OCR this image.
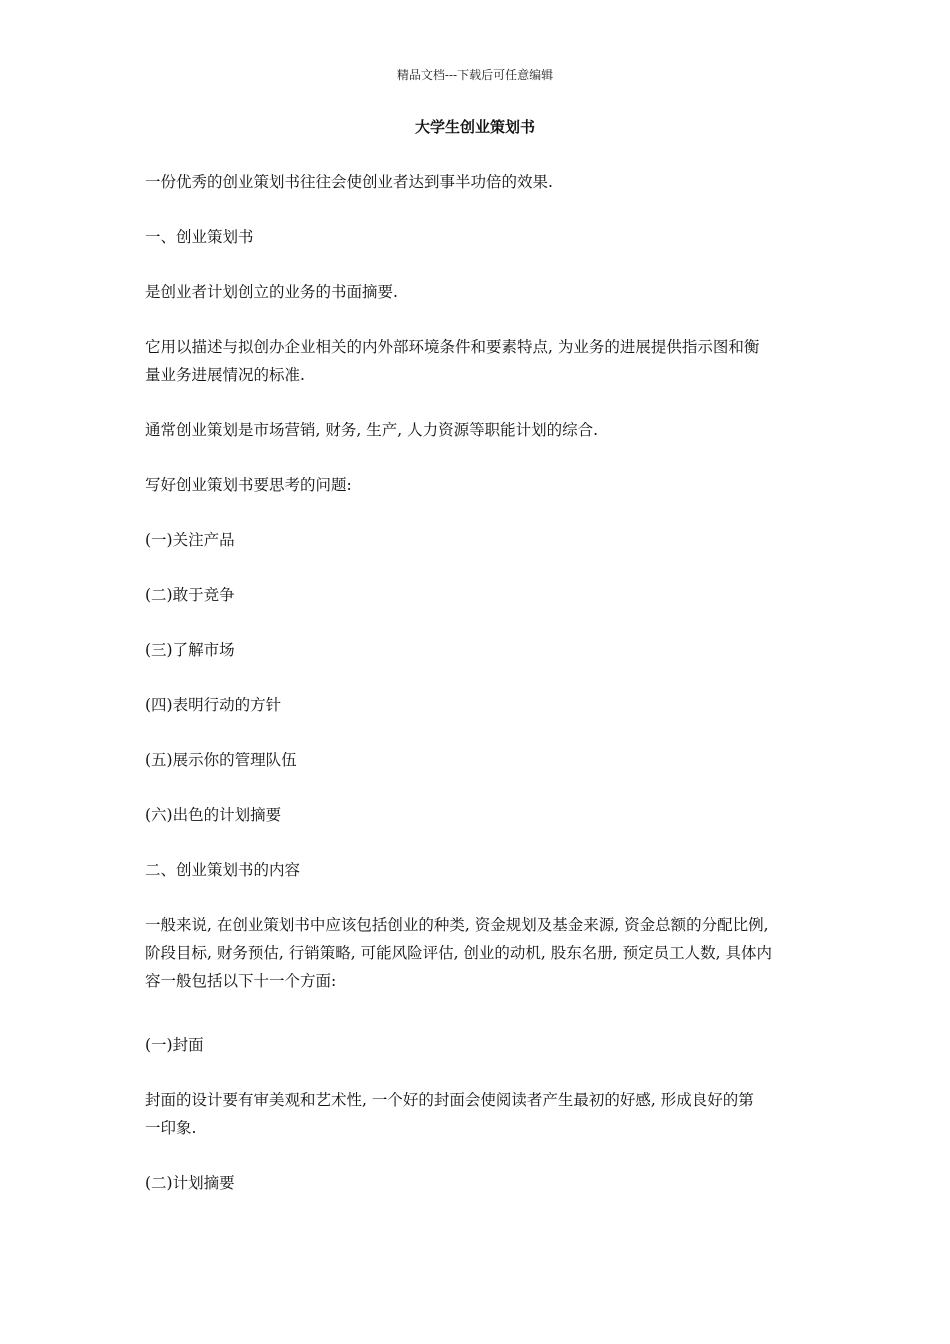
精品文档---下载后可任意编辑
大学生创业策划书
一份优秀的创业策划书往往会使创业者达到事半功倍的效果.
一、创业策划书
是创业者计划创立的业务的书面摘要.
它用以描述与拟创办企业相关的内外部环境条件和要素特点, 为业务的进展提供指示图和衡
量业务进展情况的标准.
通常创业策划是市场营销, 财务, 生产, 人力资源等职能计划的综合.
写好创业策划书要思考的问题:
(一)关注产品
(二)敢于竞争
(三)了解市场
(四)表明行动的方针
(五)展示你的管理队伍
(六)出色的计划摘要
二、创业策划书的内容
一般来说, 在创业策划书中应该包括创业的种类, 资金规划及基金来源, 资金总额的分配比例,
阶段目标, 财务预估, 行销策略, 可能风险评估, 创业的动机, 股东名册, 预定员工人数, 具体内
容一般包括以下十一个方面:
(一)封面
封面的设计要有审美观和艺术性, 一个好的封面会使阅读者产生最初的好感, 形成良好的第
一印象.
(二)计划摘要
